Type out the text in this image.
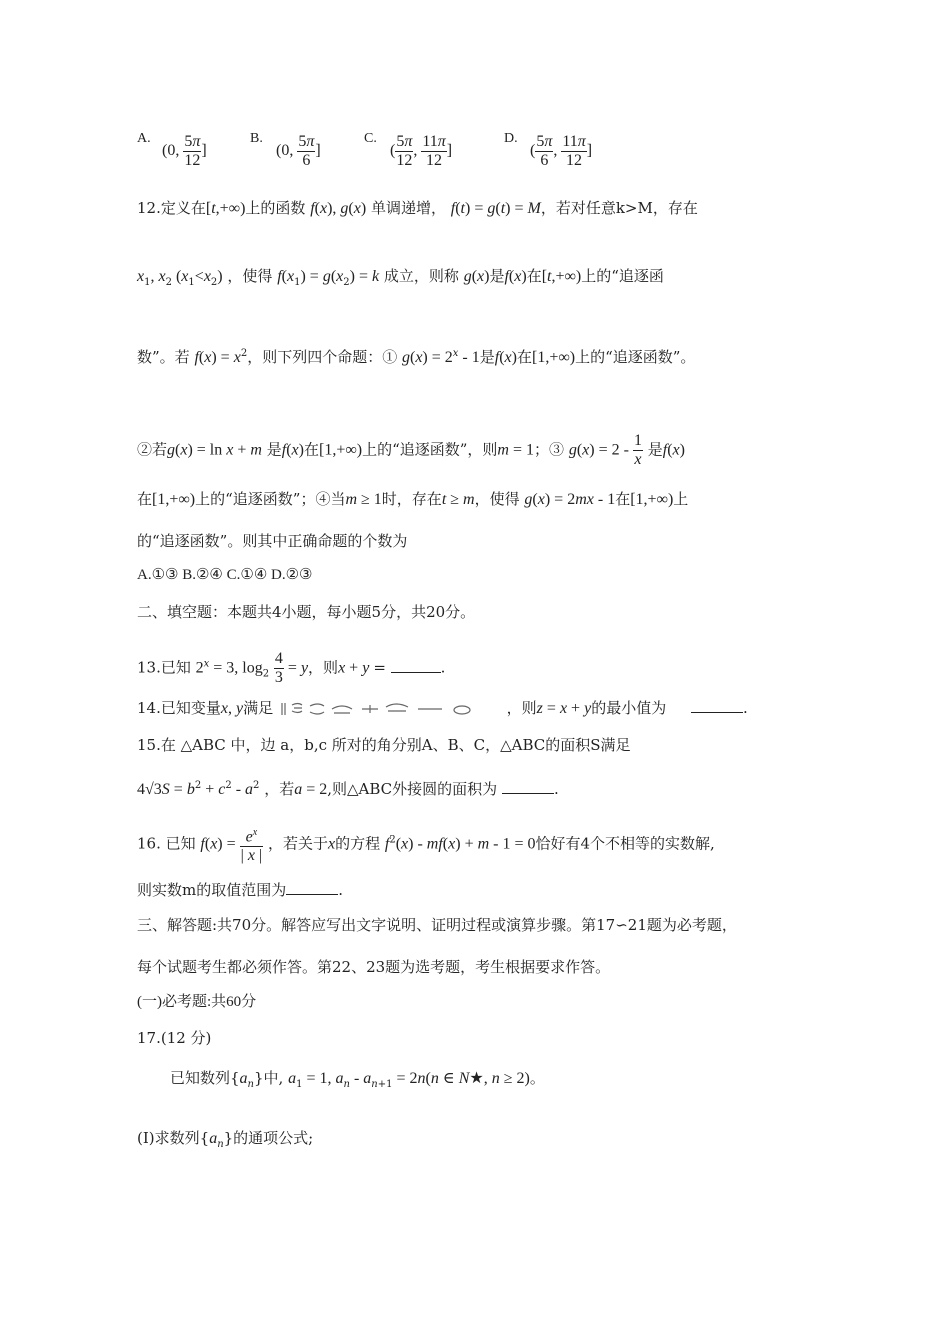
A.
(0, $\frac{5\pi}{12}$ ]
B.
(0, $\frac{5\pi}{6}$ ]
C.
( $\frac{5\pi}{12}$ , $\frac{11\pi}{12}$ ]
D.
( $\frac{5\pi}{6}$ , $\frac{11\pi}{12}$ ]
12.定义在[t,+∞)上的函数 f(x), g(x) 单调递增， f(t) = g(t) = M，若对任意k>M，存在
$x_1$, $x_2$ $(x_1<x_2)$ ，使得 $f(x_1) = g(x_2) = k$ 成立，则称 g(x)是f(x)在[t,+∞)上的“追逐函
数”。若 $f(x) = x^2$，则下列四个命题：① $g(x) = 2^x - 1$是f(x)在[1,+∞)上的“追逐函数”。
②若g(x) = ln x + m 是f(x)在[1,+∞)上的“追逐函数”，则m = 1；③ $g(x) = 2 - \frac{1}{x}$ 是f(x)
在[1,+∞)上的“追逐函数”；④当m ≥ 1时，存在t ≥ m，使得 g(x) = 2mx - 1在[1,+∞)上
的“追逐函数”。则其中正确命题的个数为
A.①③ B.②④ C.①④ D.②③
二、填空题：本题共4小题，每小题5分，共20分。
13.已知 $2^x = 3$, $\log_2 \frac{4}{3} = y$，则x + y =	.
14.已知变量x, y满足	，则z = x + y的最小值为	.
15.在 △ABC 中，边 a，b,c 所对的角分别A、B、C，△ABC的面积S满足
$4√3S = b^2 + c^2 - a^2$ ，若a = 2,则△ABC外接圆的面积为	.
16. 已知 $f(x) = \frac{e^x}{| x |}$ ，若关于x的方程 $f^2(x) - mf(x) + m - 1 = 0$恰好有4个不相等的实数解,
则实数m的取值范围为	.
三、解答题:共70分。解答应写出文字说明、证明过程或演算步骤。第17∽21题为必考题，
每个试题考生都必须作答。第22、23题为选考题，考生根据要求作答。
(一)必考题:共60分
17.(12 分)
已知数列$\{a_n\}$中, $a_1 = 1$, $a_n - a_{n+1} = 2n(n$ ∈ N★, n ≥ 2)。
(I)求数列$\{a_n\}$的通项公式;
